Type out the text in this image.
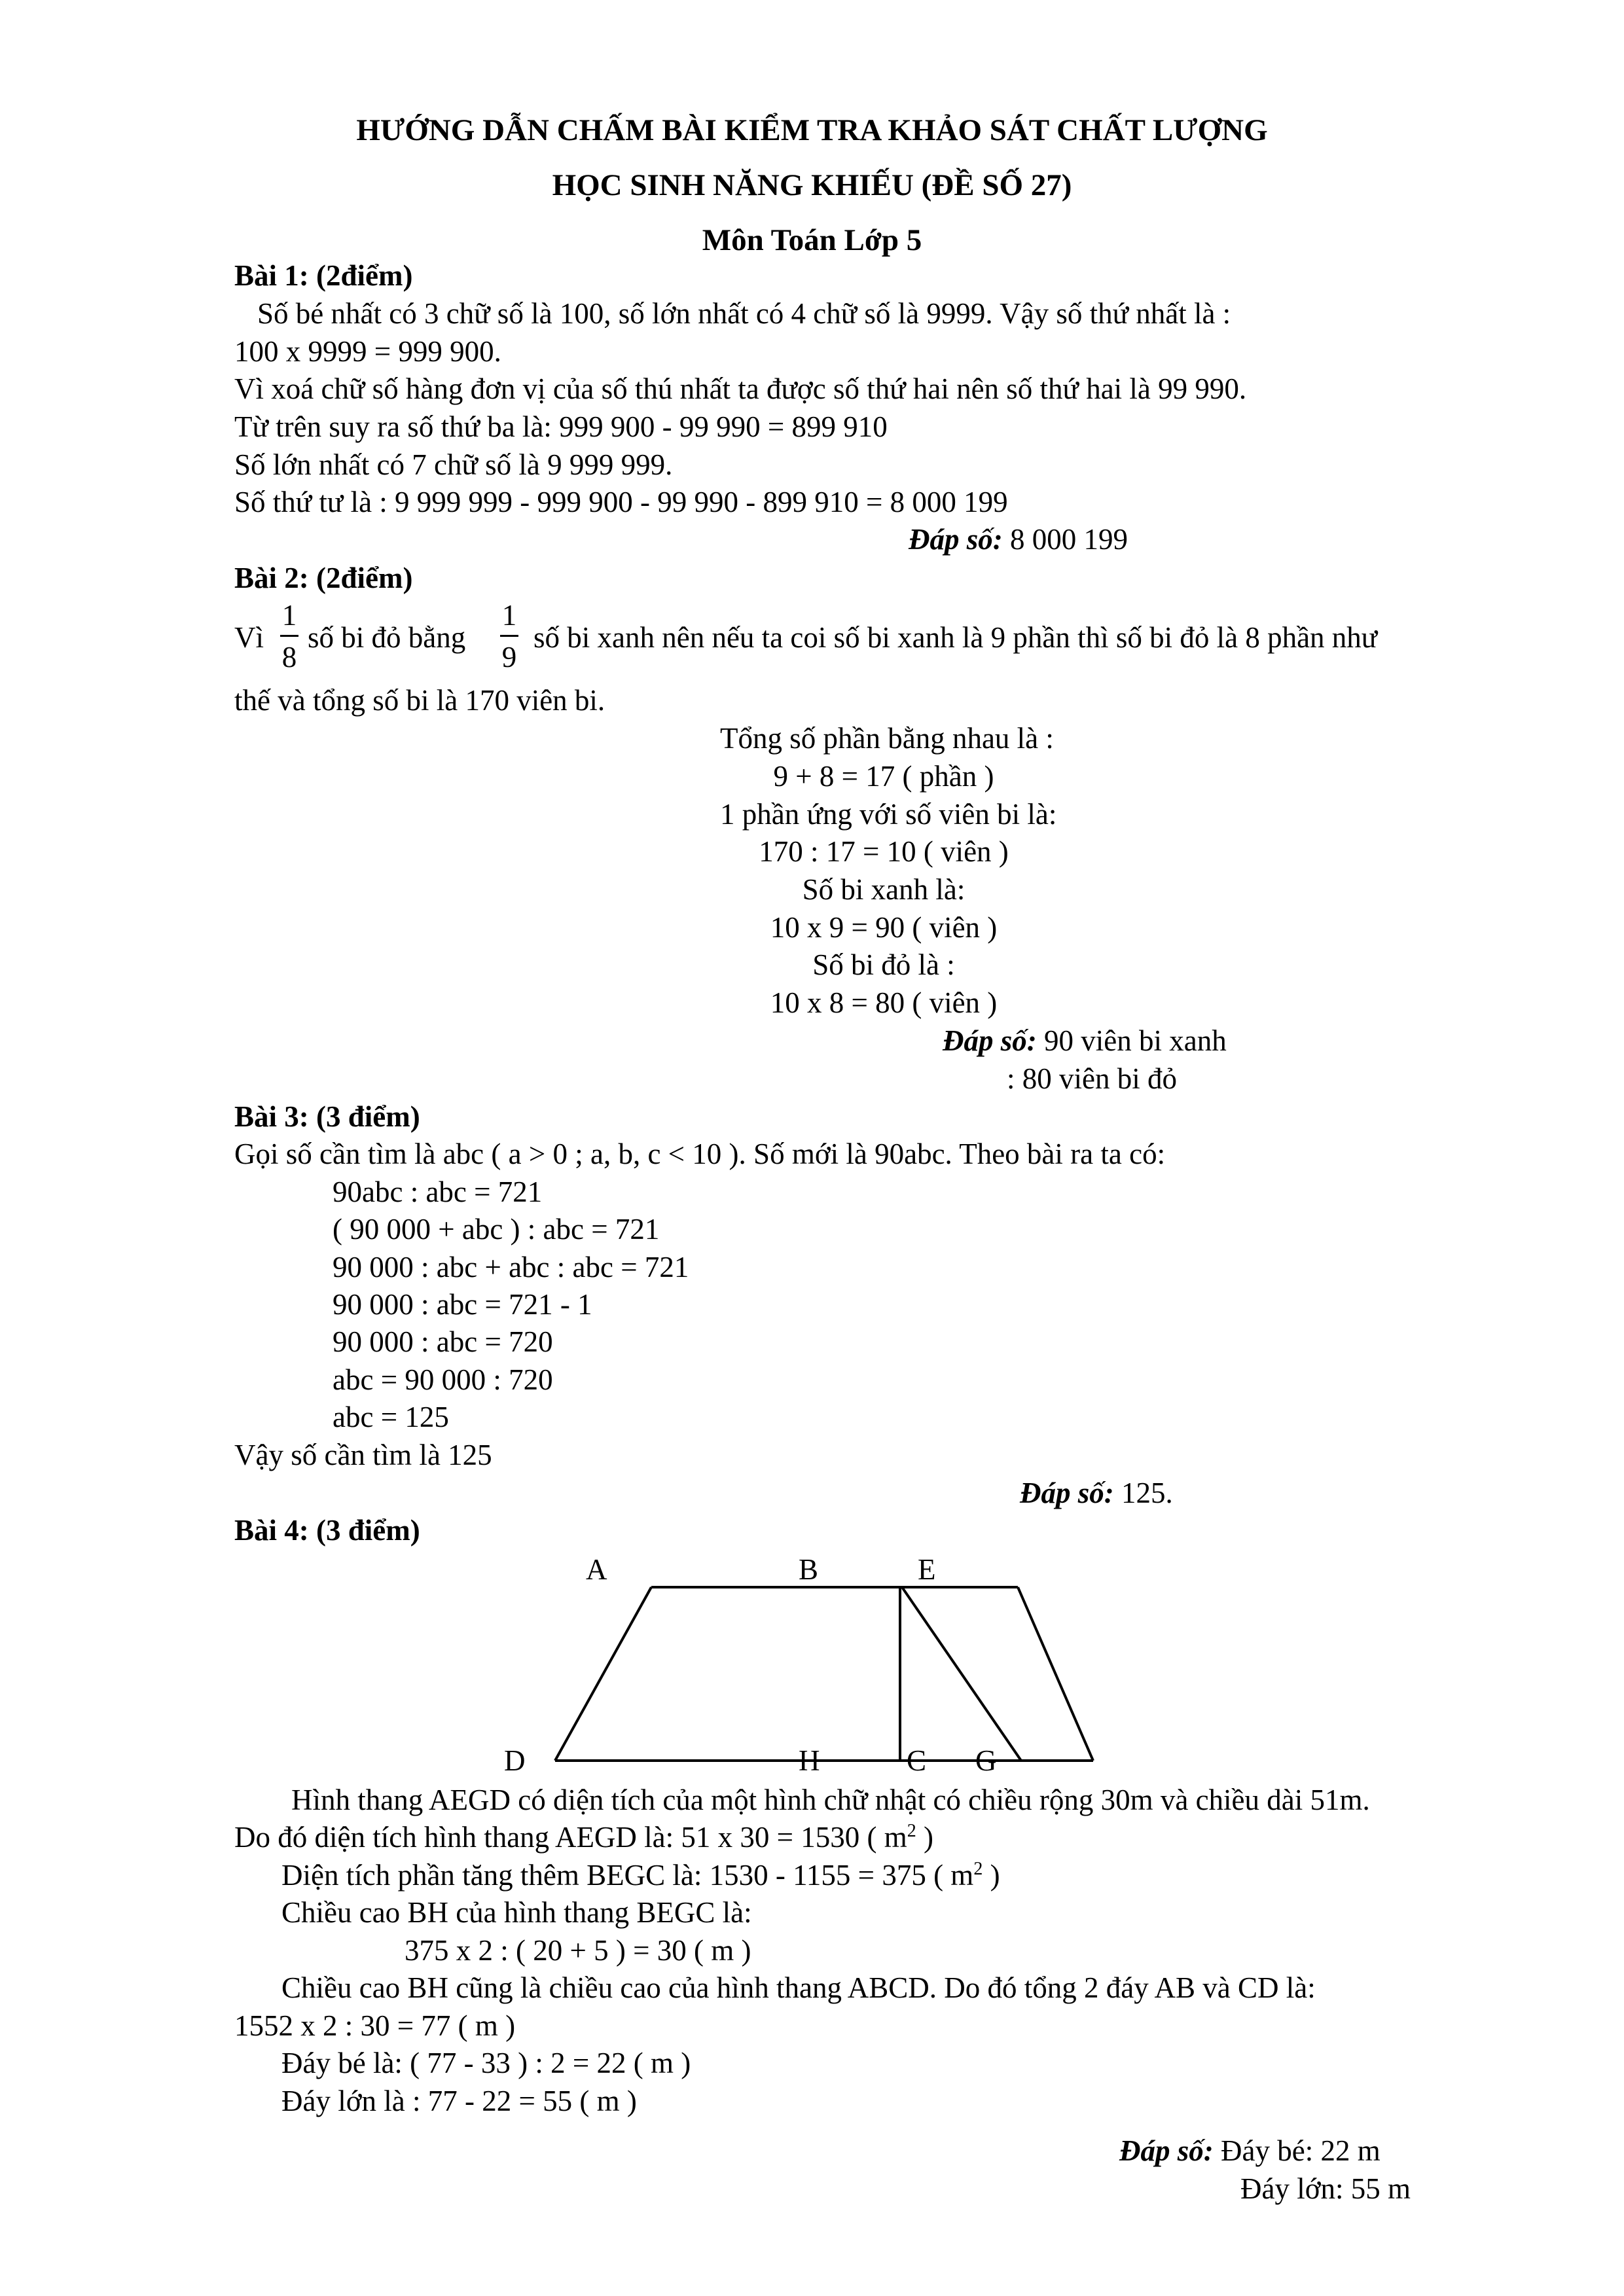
HƯỚNG DẪN CHẤM BÀI KIỂM TRA KHẢO SÁT CHẤT LƯỢNG
HỌC SINH NĂNG KHIẾU (ĐỀ SỐ 27)
Môn Toán Lớp 5
Bài 1: (2điểm)
Số bé nhất có 3 chữ số là 100, số lớn nhất có 4 chữ số là 9999. Vậy số thứ nhất là :
100 x 9999 = 999 900.
Vì xoá chữ số hàng đơn vị của số thú nhất ta được số thứ hai nên số thứ hai là 99 990.
Từ trên suy ra số thứ ba là: 999 900 - 99 990 = 899 910
Số lớn nhất có 7 chữ số là 9 999 999.
Số thứ tư là : 9 999 999 - 999 900 - 99 990 - 899 910 = 8 000 199
Đáp số: 8 000 199
Bài 2: (2điểm)
Vì
1
8
số bi đỏ bằng
1
9
số bi xanh nên nếu ta coi số bi xanh là 9 phần thì số bi đỏ là 8 phần như
thế và tổng số bi là 170 viên bi.
Tổng số phần bằng nhau là :
9 + 8 = 17 ( phần )
1 phần ứng với số viên bi là:
170 : 17 = 10 ( viên )
Số bi xanh là:
10 x 9 = 90 ( viên )
Số bi đỏ là :
10 x 8 = 80 ( viên )
Đáp số: 90 viên bi xanh
: 80 viên bi đỏ
Bài 3: (3 điểm)
Gọi số cần tìm là abc ( a > 0 ; a, b, c < 10 ). Số mới là 90abc. Theo bài ra ta có:
90abc : abc = 721
( 90 000 + abc ) : abc = 721
90 000 : abc + abc : abc = 721
90 000 : abc = 721 - 1
90 000 : abc = 720
abc = 90 000 : 720
abc = 125
Vậy số cần tìm là 125
Đáp số: 125.
Bài 4: (3 điểm)
A	B	E
D	H	C G
Hình thang AEGD có diện tích của một hình chữ nhật có chiều rộng 30m và chiều dài 51m.
Do đó diện tích hình thang AEGD là: 51 x 30 = 1530 ( $m^2$ )
Diện tích phần tăng thêm BEGC là: 1530 - 1155 = 375 ( $m^2$ )
Chiều cao BH của hình thang BEGC là:
375 x 2 : ( 20 + 5 ) = 30 ( m )
Chiều cao BH cũng là chiều cao của hình thang ABCD. Do đó tổng 2 đáy AB và CD là:
1552 x 2 : 30 = 77 ( m )
Đáy bé là: ( 77 - 33 ) : 2 = 22 ( m )
Đáy lớn là : 77 - 22 = 55 ( m )
Đáp số: Đáy bé: 22 m
Đáy lớn: 55 m
